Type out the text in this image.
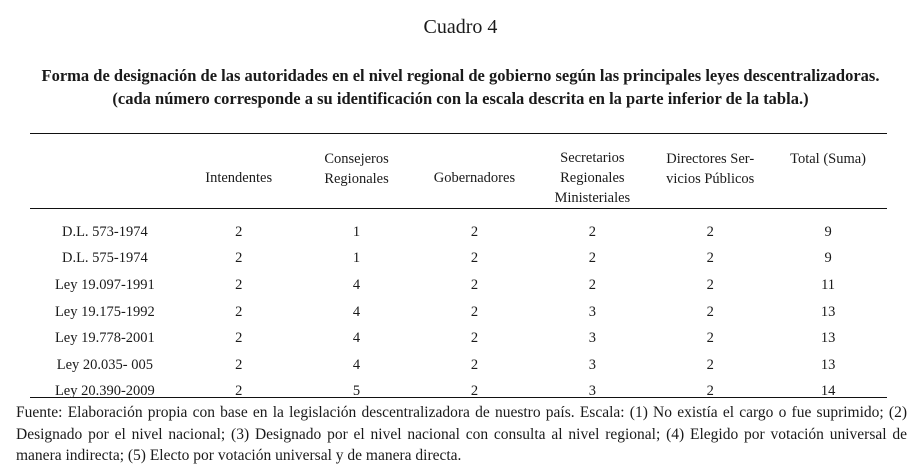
Cuadro 4
Forma de designación de las autoridades en el nivel regional de gobierno según las principales leyes descentralizadoras.
(cada número corresponde a su identificación con la escala descrita en la parte inferior de la tabla.)
	Intendentes	Consejeros Regionales	Gobernadores	Secretarios Regionales Ministeriales	Directores Ser-vicios Públicos	Total (Suma)
D.L. 573-1974	2	1	2	2	2	9
D.L. 575-1974	2	1	2	2	2	9
Ley 19.097-1991	2	4	2	2	2	11
Ley 19.175-1992	2	4	2	3	2	13
Ley 19.778-2001	2	4	2	3	2	13
Ley 20.035- 005	2	4	2	3	2	13
Ley 20.390-2009	2	5	2	3	2	14
Fuente: Elaboración propia con base en la legislación descentralizadora de nuestro país. Escala: (1) No existía el cargo o fue suprimido; (2) Designado por el nivel nacional; (3) Designado por el nivel nacional con consulta al nivel regional; (4) Elegido por votación universal de manera indirecta; (5) Electo por votación universal y de manera directa.
